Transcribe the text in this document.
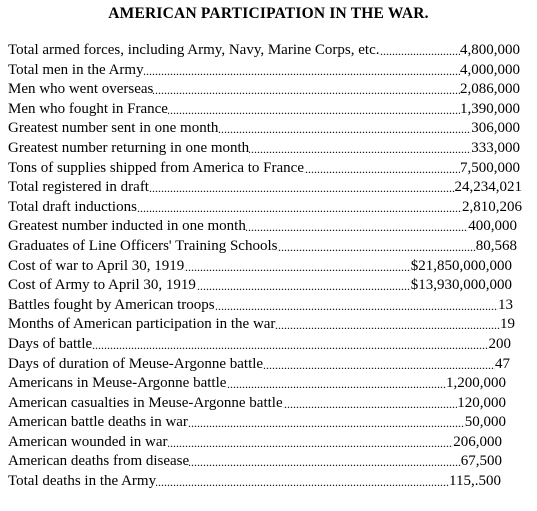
AMERICAN PARTICIPATION IN THE WAR.
.....
Total armed forces, including Army, Navy, Marine Corps, etc.	4,800,000
.....
Total men in the Army	4,000,000
.....
Men who went overseas	2,086,000
.....
Men who fought in France	1,390,000
.....
Greatest number sent in one month	306,000
.....
Greatest number returning in one month	333,000
.....
Tons of supplies shipped from America to France	7,500,000
.....
Total registered in draft	24,234,021
.....
Total draft inductions	2,810,206
.....
Greatest number inducted in one month	400,000
.....
Graduates of Line Officers' Training Schools	80,568
.....
Cost of war to April 30, 1919	$21,850,000,000
.....
Cost of Army to April 30, 1919	$13,930,000,000
.....
Battles fought by American troops	13
.....
Months of American participation in the war	19
.....
Days of battle	200
.....
Days of duration of Meuse-Argonne battle	47
.....
Americans in Meuse-Argonne battle	1,200,000
.....
American casualties in Meuse-Argonne battle	120,000
.....
American battle deaths in war	50,000
.....
American wounded in war	206,000
.....
American deaths from disease	67,500
.....
Total deaths in the Army	115,.500
